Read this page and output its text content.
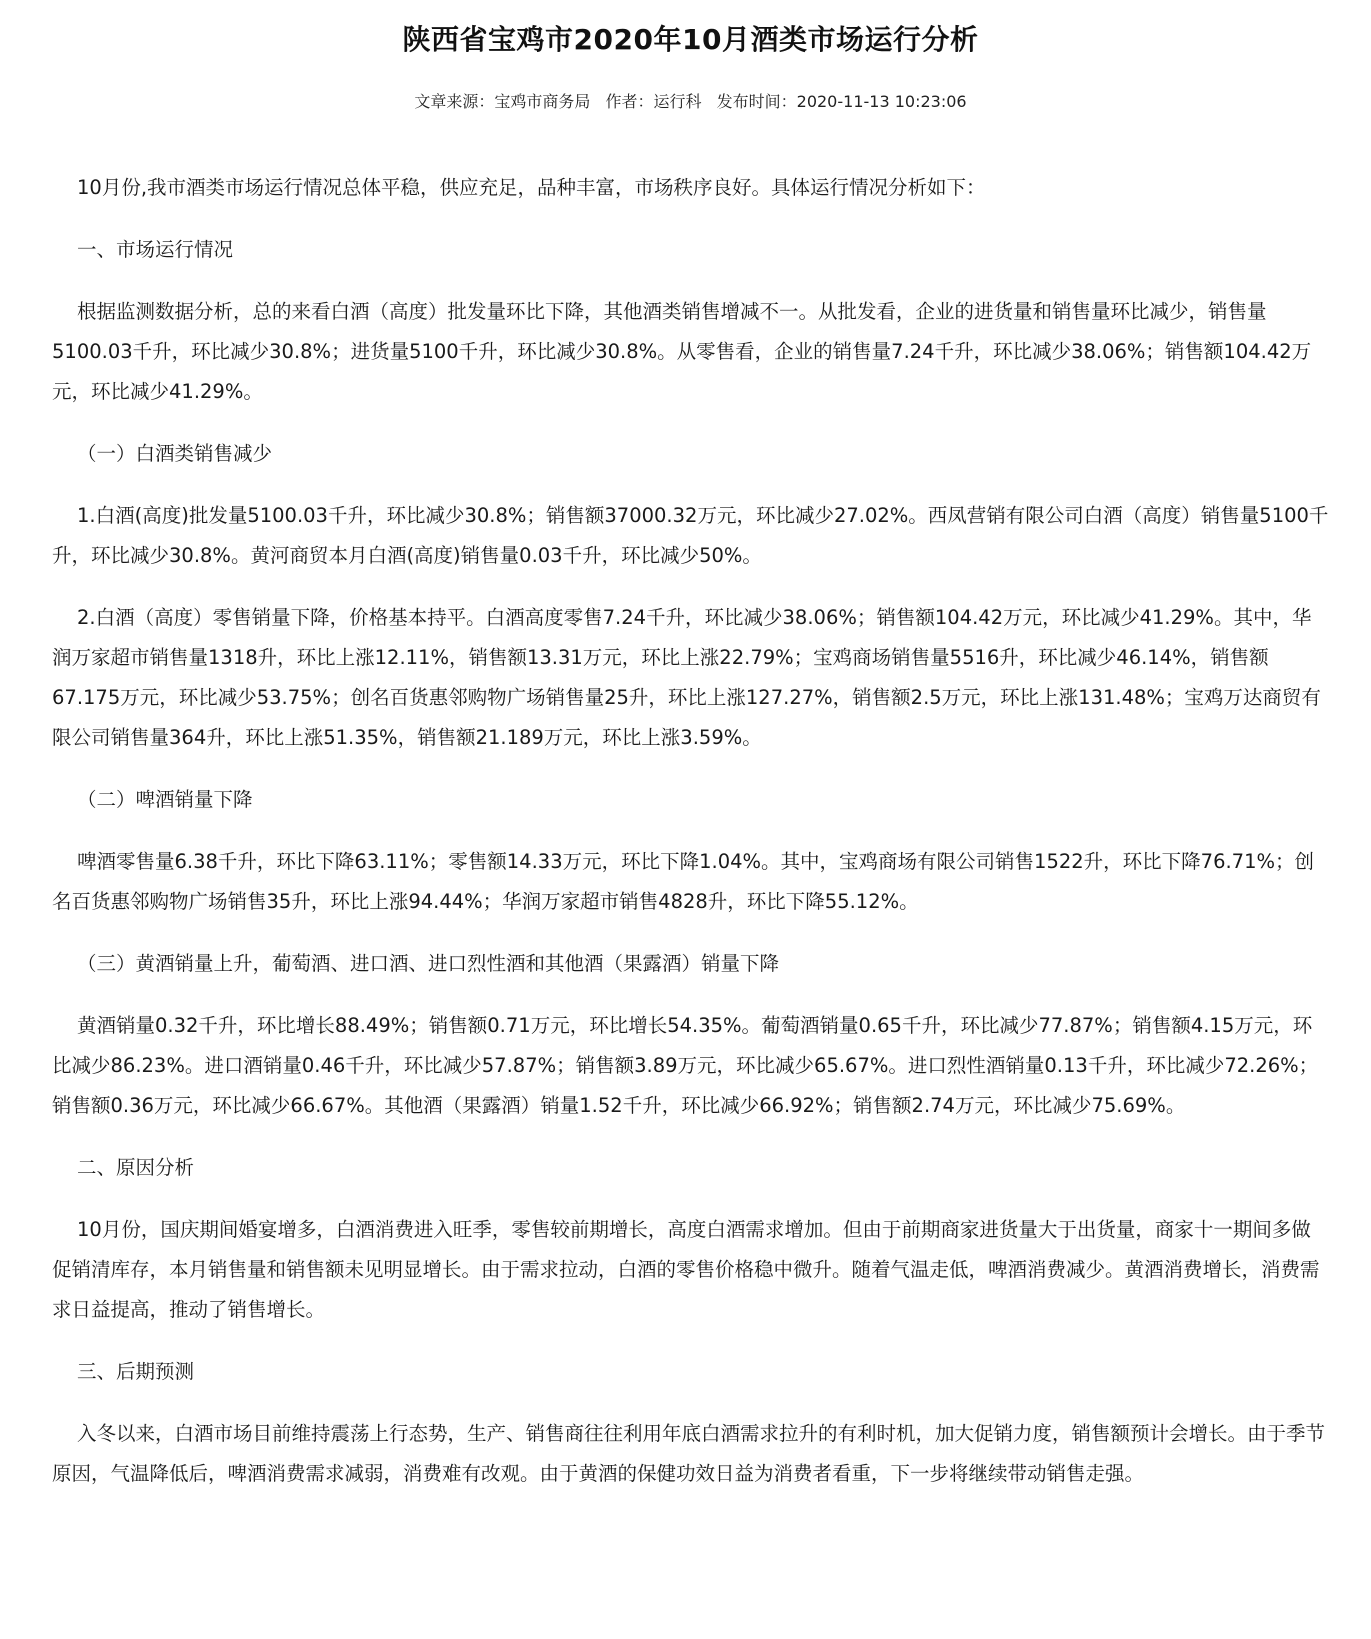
陕西省宝鸡市2020年10月酒类市场运行分析
文章来源：宝鸡市商务局 作者：运行科 发布时间：2020-11-13 10:23:06

10月份,我市酒类市场运行情况总体平稳，供应充足，品种丰富，市场秩序良好。具体运行情况分析如下：

一、市场运行情况

根据监测数据分析，总的来看白酒（高度）批发量环比下降，其他酒类销售增减不一。从批发看，企业的进货量和销售量环比减少，销售量5100.03千升，环比减少30.8%；进货量5100千升，环比减少30.8%。从零售看，企业的销售量7.24千升，环比减少38.06%；销售额104.42万元，环比减少41.29%。

（一）白酒类销售减少

1.白酒(高度)批发量5100.03千升，环比减少30.8%；销售额37000.32万元，环比减少27.02%。西凤营销有限公司白酒（高度）销售量5100千升，环比减少30.8%。黄河商贸本月白酒(高度)销售量0.03千升，环比减少50%。

2.白酒（高度）零售销量下降，价格基本持平。白酒高度零售7.24千升，环比减少38.06%；销售额104.42万元，环比减少41.29%。其中，华润万家超市销售量1318升，环比上涨12.11%，销售额13.31万元，环比上涨22.79%；宝鸡商场销售量5516升，环比减少46.14%，销售额67.175万元，环比减少53.75%；创名百货惠邻购物广场销售量25升，环比上涨127.27%，销售额2.5万元，环比上涨131.48%；宝鸡万达商贸有限公司销售量364升，环比上涨51.35%，销售额21.189万元，环比上涨3.59%。

（二）啤酒销量下降

啤酒零售量6.38千升，环比下降63.11%；零售额14.33万元，环比下降1.04%。其中，宝鸡商场有限公司销售1522升，环比下降76.71%；创名百货惠邻购物广场销售35升，环比上涨94.44%；华润万家超市销售4828升，环比下降55.12%。

（三）黄酒销量上升，葡萄酒、进口酒、进口烈性酒和其他酒（果露酒）销量下降

黄酒销量0.32千升，环比增长88.49%；销售额0.71万元，环比增长54.35%。葡萄酒销量0.65千升，环比减少77.87%；销售额4.15万元，环比减少86.23%。进口酒销量0.46千升，环比减少57.87%；销售额3.89万元，环比减少65.67%。进口烈性酒销量0.13千升，环比减少72.26%；销售额0.36万元，环比减少66.67%。其他酒（果露酒）销量1.52千升，环比减少66.92%；销售额2.74万元，环比减少75.69%。

二、原因分析

10月份，国庆期间婚宴增多，白酒消费进入旺季，零售较前期增长，高度白酒需求增加。但由于前期商家进货量大于出货量，商家十一期间多做促销清库存，本月销售量和销售额未见明显增长。由于需求拉动，白酒的零售价格稳中微升。随着气温走低，啤酒消费减少。黄酒消费增长，消费需求日益提高，推动了销售增长。

三、后期预测

入冬以来，白酒市场目前维持震荡上行态势，生产、销售商往往利用年底白酒需求拉升的有利时机，加大促销力度，销售额预计会增长。由于季节原因，气温降低后，啤酒消费需求减弱，消费难有改观。由于黄酒的保健功效日益为消费者看重，下一步将继续带动销售走强。
